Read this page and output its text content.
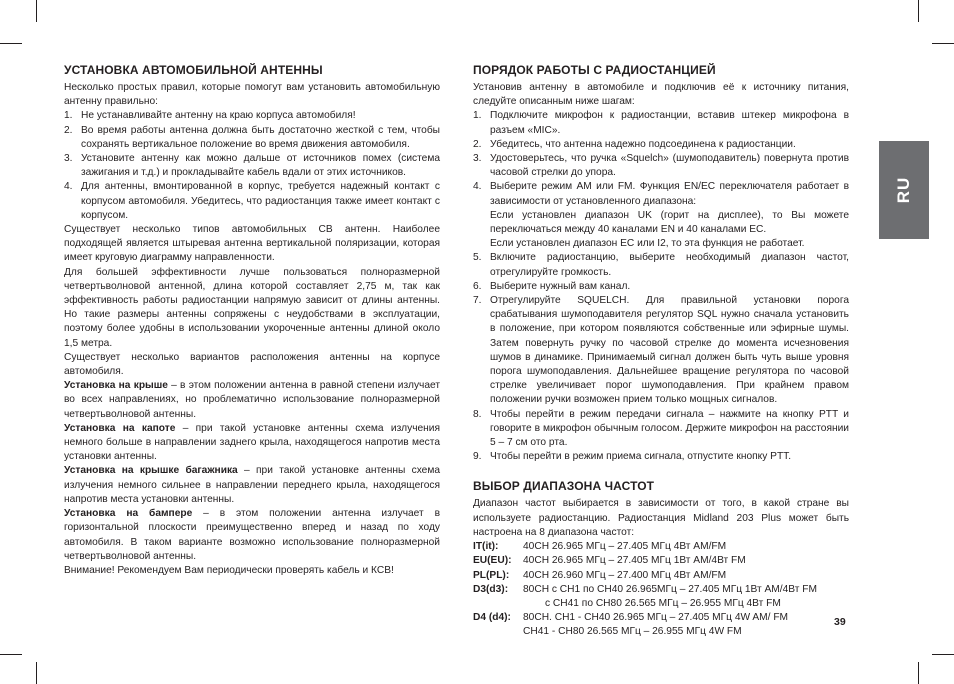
УСТАНОВКА АВТОМОБИЛЬНОЙ АНТЕННЫ

Несколько простых правил, которые помогут вам установить автомобильную антенну правильно:

1. Не устанавливайте антенну на краю корпуса автомобиля!
2. Во время работы антенна должна быть достаточно жесткой с тем, чтобы сохранять вертикальное положение во время движения автомобиля.
3. Установите антенну как можно дальше от источников помех (система зажигания и т.д.) и прокладывайте кабель вдали от этих источников.
4. Для антенны, вмонтированной в корпус, требуется надежный контакт с корпусом автомобиля. Убедитесь, что радиостанция также имеет контакт с корпусом.

Существует несколько типов автомобильных CB антенн. Наиболее подходящей является штыревая антенна вертикальной поляризации, которая имеет круговую диаграмму направленности.

Для большей эффективности лучше пользоваться полноразмерной четвертьволновой антенной, длина которой составляет 2,75 м, так как эффективность работы радиостанции напрямую зависит от длины антенны. Но такие размеры антенны сопряжены с неудобствами в эксплуатации, поэтому более удобны в использовании укороченные антенны длиной около 1,5 метра.

Существует несколько вариантов расположения антенны на корпусе автомобиля.

Установка на крыше – в этом положении антенна в равной степени излучает во всех направлениях, но проблематично использование полноразмерной четвертьволновой антенны.

Установка на капоте – при такой установке антенны схема излучения немного больше в направлении заднего крыла, находящегося напротив места установки антенны.

Установка на крышке багажника – при такой установке антенны схема излучения немного сильнее в направлении переднего крыла, находящегося напротив места установки антенны.

Установка на бампере – в этом положении антенна излучает в горизонтальной плоскости преимущественно вперед и назад по ходу автомобиля. В таком варианте возможно использование полноразмерной четвертьволновой антенны.

Внимание! Рекомендуем Вам периодически проверять кабель и КСВ!

ПОРЯДОК РАБОТЫ С РАДИОСТАНЦИЕЙ

Установив антенну в автомобиле и подключив её к источнику питания, следуйте описанным ниже шагам:

1. Подключите микрофон к радиостанции, вставив штекер микрофона в разъем «MIC».
2. Убедитесь, что антенна надежно подсоединена к радиостанции.
3. Удостоверьтесь, что ручка «Squelch» (шумоподавитель) повернута против часовой стрелки до упора.
4. Выберите режим AM или FM. Функция EN/EC переключателя работает в зависимости от установленного диапазона:
Если установлен диапазон UK (горит на дисплее), то Вы можете переключаться между 40 каналами EN и 40 каналами EC.
Если установлен диапазон EC или I2, то эта функция не работает.
5. Включите радиостанцию, выберите необходимый диапазон частот, отрегулируйте громкость.
6. Выберите нужный вам канал.
7. Отрегулируйте SQUELCH. Для правильной установки порога срабатывания шумоподавителя регулятор SQL нужно сначала установить в положение, при котором появляются собственные или эфирные шумы. Затем повернуть ручку по часовой стрелке до момента исчезновения шумов в динамике. Принимаемый сигнал должен быть чуть выше уровня порога шумоподавления. Дальнейшее вращение регулятора по часовой стрелке увеличивает порог шумоподавления. При крайнем правом положении ручки возможен прием только мощных сигналов.
8. Чтобы перейти в режим передачи сигнала – нажмите на кнопку PTT и говорите в микрофон обычным голосом. Держите микрофон на расстоянии 5 – 7 см ото рта.
9. Чтобы перейти в режим приема сигнала, отпустите кнопку PTT.
ВЫБОР ДИАПАЗОНА ЧАСТОТ

Диапазон частот выбирается в зависимости от того, в какой стране вы используете радиостанцию. Радиостанция Midland 203 Plus может быть настроена на 8 диапазона частот:

IT(it):	40CH 26.965 МГц – 27.405 МГц 4Вт AM/FM
EU(EU):	40CH 26.965 МГц – 27.405 МГц 1Вт AM/4Вт FM
PL(PL):	40CH 26.960 МГц – 27.400 МГц 4Вт AM/FM
D3(d3):	80CH с CH1 по CH40 26.965МГц – 27.405 МГц 1Вт AM/4Вт FM
с CH41 по CH80 26.565 МГц – 26.955 МГц 4Вт FM
D4 (d4):	80CH. CH1 - CH40 26.965 МГц – 27.405 МГц 4W AM/ FM
CH41 - CH80 26.565 МГц – 26.955 МГц 4W FM
RU
39
